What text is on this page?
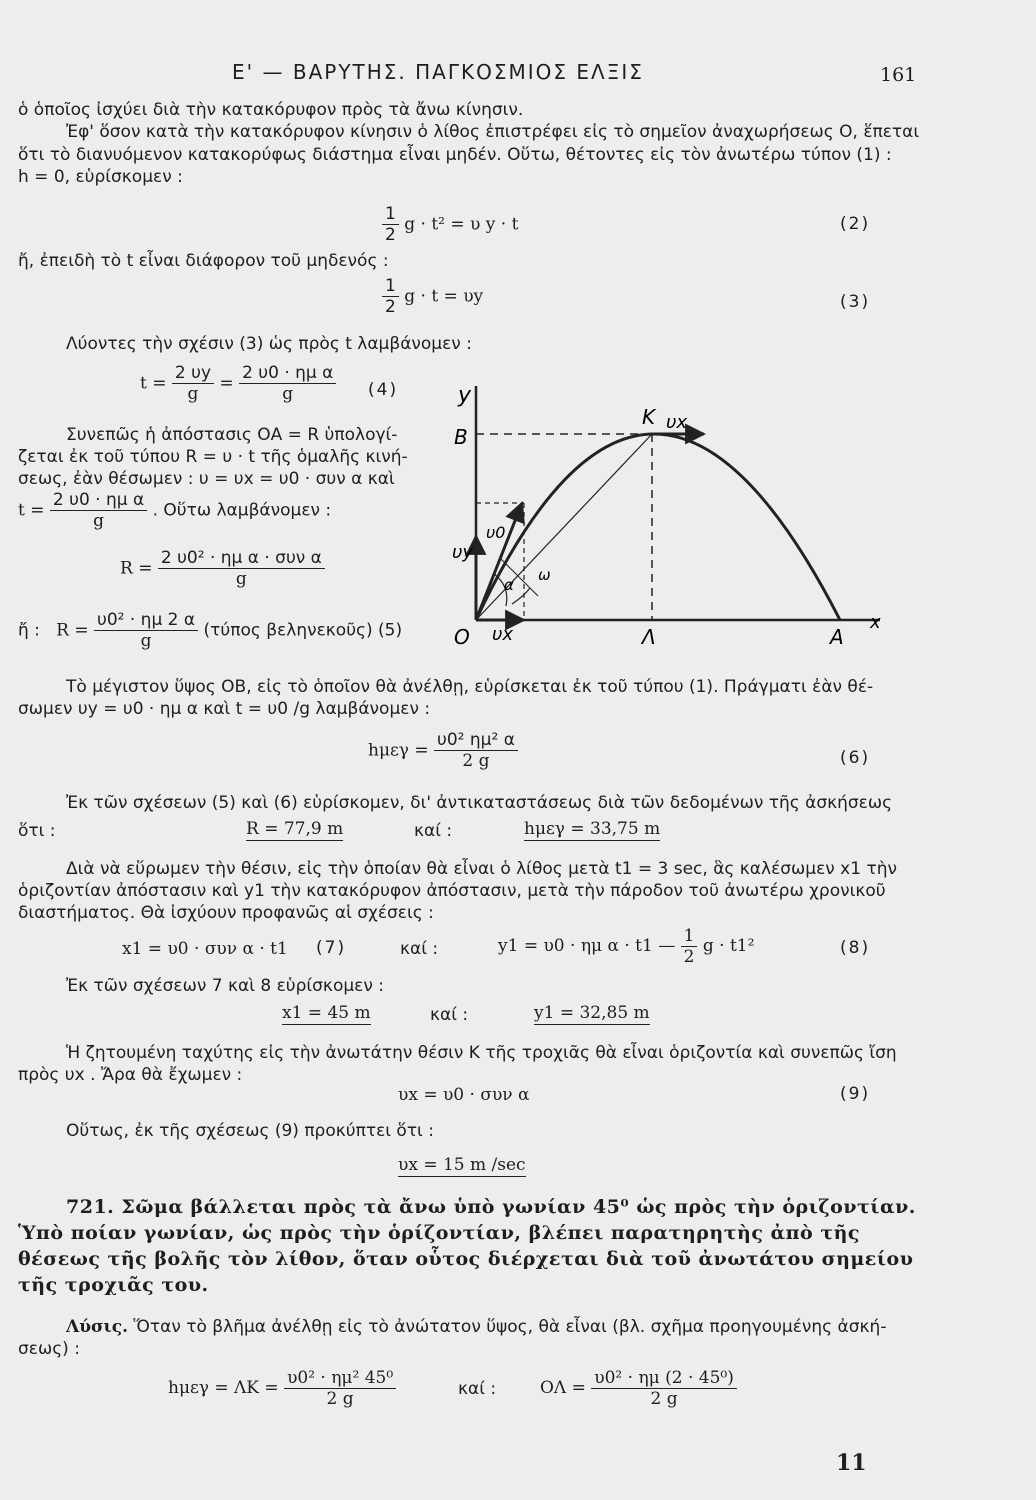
Ε' — ΒΑΡΥΤΗΣ. ΠΑΓΚΟΣΜΙΟΣ ΕΛΞΙΣ	161
ὁ ὁποῖος ἰσχύει διὰ τὴν κατακόρυφον πρὸς τὰ ἄνω κίνησιν.
Ἐφ' ὅσον κατὰ τὴν κατακόρυφον κίνησιν ὁ λίθος ἐπιστρέφει εἰς τὸ σημεῖον ἀναχωρήσεως Ο, ἕπεται
ὅτι τὸ διανυόμενον κατακορύφως διάστημα εἶναι μηδέν. Οὕτω, θέτοντες εἰς τὸν ἀνωτέρω τύπον (1) :
h = 0, εὑρίσκομεν :
$\frac{1}{2}$ g · t² = υ y · t	(2)
ἤ, ἐπειδὴ τὸ t εἶναι διάφορον τοῦ μηδενός :
$\frac{1}{2}$ g · t = υy	(3)
Λύοντες τὴν σχέσιν (3) ὡς πρὸς t λαμβάνομεν :
$t = \frac{2 \upsilon y}{g} = \frac{\text{2 υ0 · ημ α}}{g} (4)$
Συνεπῶς ἡ ἀπόστασις ΟΑ = R ὑπολογί-
ζεται ἐκ τοῦ τύπου R = υ · t τῆς ὁμαλῆς κινή-
σεως, ἐὰν θέσωμεν : υ = υx = υ0 · συν α καὶ
$t = \frac{\text{2 υ0 · ημ α}}{g}$ . Οὕτω λαμβάνομεν :
$R = \frac{\text{2 υ0² · ημ α · συν α}}{g}$
ἤ : $R = \frac{\text{υ0² · ημ 2 α}}{g} (\tau ύ\pi o\varsigma$ βεληνεκοῦς) (5)
y
B
K υx
υ0
υy
α
ω
O υx	Λ	A
x
Τὸ μέγιστον ὕψος ΟΒ, εἰς τὸ ὁποῖον θὰ ἀνέλθῃ, εὑρίσκεται ἐκ τοῦ τύπου (1). Πράγματι ἐὰν θέ-
σωμεν υy = υ0 · ημ α καὶ t = υ0 /g λαμβάνομεν :
$h\mu\varepsilon\gamma = \frac{\text{υ0² ημ² α}}{2 g}$	(6)
Ἐκ τῶν σχέσεων (5) καὶ (6) εὑρίσκομεν, δι' ἀντικαταστάσεως διὰ τῶν δεδομένων τῆς ἀσκήσεως
ὅτι :	R = 77,9 m	καί :	hμεγ = 33,75 m
Διὰ νὰ εὕρωμεν τὴν θέσιν, εἰς τὴν ὁποίαν θὰ εἶναι ὁ λίθος μετὰ t1 = 3 sec, ἃς καλέσωμεν x1 τὴν
ὁριζοντίαν ἀπόστασιν καὶ y1 τὴν κατακόρυφον ἀπόστασιν, μετὰ τὴν πάροδον τοῦ ἀνωτέρω χρονικοῦ
διαστήματος. Θὰ ἰσχύουν προφανῶς αἱ σχέσεις :
x1 = υ0 · συν α · t1 (7)	καί :	y1 = υ0 · ημ α · t1 — $\frac{1}{2}$ g · t1²	(8)
Ἐκ τῶν σχέσεων 7 καὶ 8 εὑρίσκομεν :
x1 = 45 m	καί :	y1 = 32,85 m
Ἡ ζητουμένη ταχύτης εἰς τὴν ἀνωτάτην θέσιν Κ τῆς τροχιᾶς θὰ εἶναι ὁριζοντία καὶ συνεπῶς ἴση
πρὸς υx . Ἄρα θὰ ἔχωμεν :
υx = υ0 · συν α	(9)
Οὕτως, ἐκ τῆς σχέσεως (9) προκύπτει ὅτι :
υx = 15 m /sec
721. Σῶμα βάλλεται πρὸς τὰ ἄνω ὑπὸ γωνίαν 45⁰ ὡς πρὸς τὴν ὁριζοντίαν.
Ὑπὸ ποίαν γωνίαν, ὡς πρὸς τὴν ὁρίζοντίαν, βλέπει παρατηρητὴς ἀπὸ τῆς
θέσεως τῆς βολῆς τὸν λίθον, ὅταν οὗτος διέρχεται διὰ τοῦ ἀνωτάτου σημείου
τῆς τροχιᾶς του.
Λύσις. Ὅταν τὸ βλῆμα ἀνέλθῃ εἰς τὸ ἀνώτατον ὕψος, θὰ εἶναι (βλ. σχῆμα προηγουμένης ἀσκή-
σεως) :
$h\mu\varepsilon\gamma = \Lambda K = \frac{\text{υ0² · ημ² 45⁰}}{2 g}$	καί :	$O\Lambda = \frac{\text{υ0² · ημ (2 · 45⁰)}}{2 g}$
11
